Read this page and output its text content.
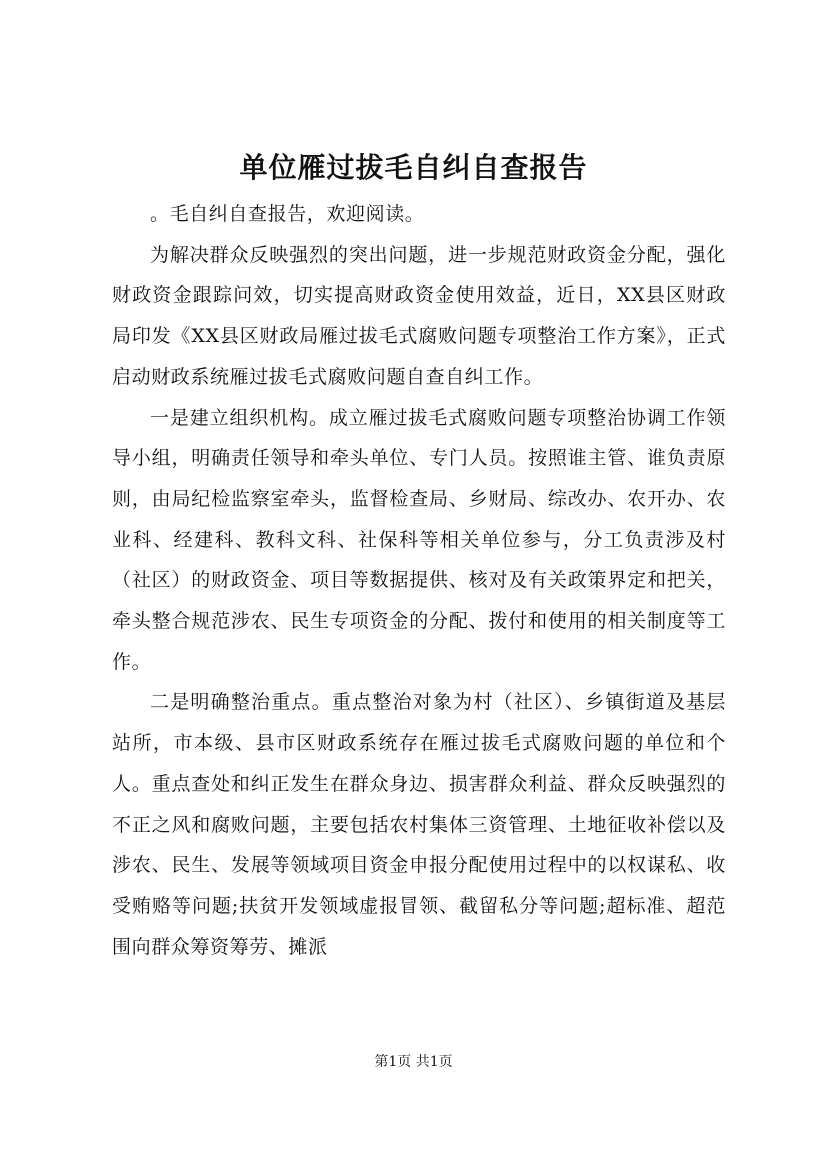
单位雁过拔毛自纠自查报告

。毛自纠自查报告，欢迎阅读。

为解决群众反映强烈的突出问题，进一步规范财政资金分配，强化财政资金跟踪问效，切实提高财政资金使用效益，近日，XX县区财政局印发《XX县区财政局雁过拔毛式腐败问题专项整治工作方案》，正式启动财政系统雁过拔毛式腐败问题自查自纠工作。

一是建立组织机构。成立雁过拔毛式腐败问题专项整治协调工作领导小组，明确责任领导和牵头单位、专门人员。按照谁主管、谁负责原则，由局纪检监察室牵头，监督检查局、乡财局、综改办、农开办、农业科、经建科、教科文科、社保科等相关单位参与，分工负责涉及村（社区）的财政资金、项目等数据提供、核对及有关政策界定和把关，牵头整合规范涉农、民生专项资金的分配、拨付和使用的相关制度等工作。

二是明确整治重点。重点整治对象为村（社区）、乡镇街道及基层站所，市本级、县市区财政系统存在雁过拔毛式腐败问题的单位和个人。重点查处和纠正发生在群众身边、损害群众利益、群众反映强烈的不正之风和腐败问题，主要包括农村集体三资管理、土地征收补偿以及涉农、民生、发展等领域项目资金申报分配使用过程中的以权谋私、收受贿赂等问题;扶贫开发领域虚报冒领、截留私分等问题;超标准、超范围向群众筹资筹劳、摊派

第1页 共1页
